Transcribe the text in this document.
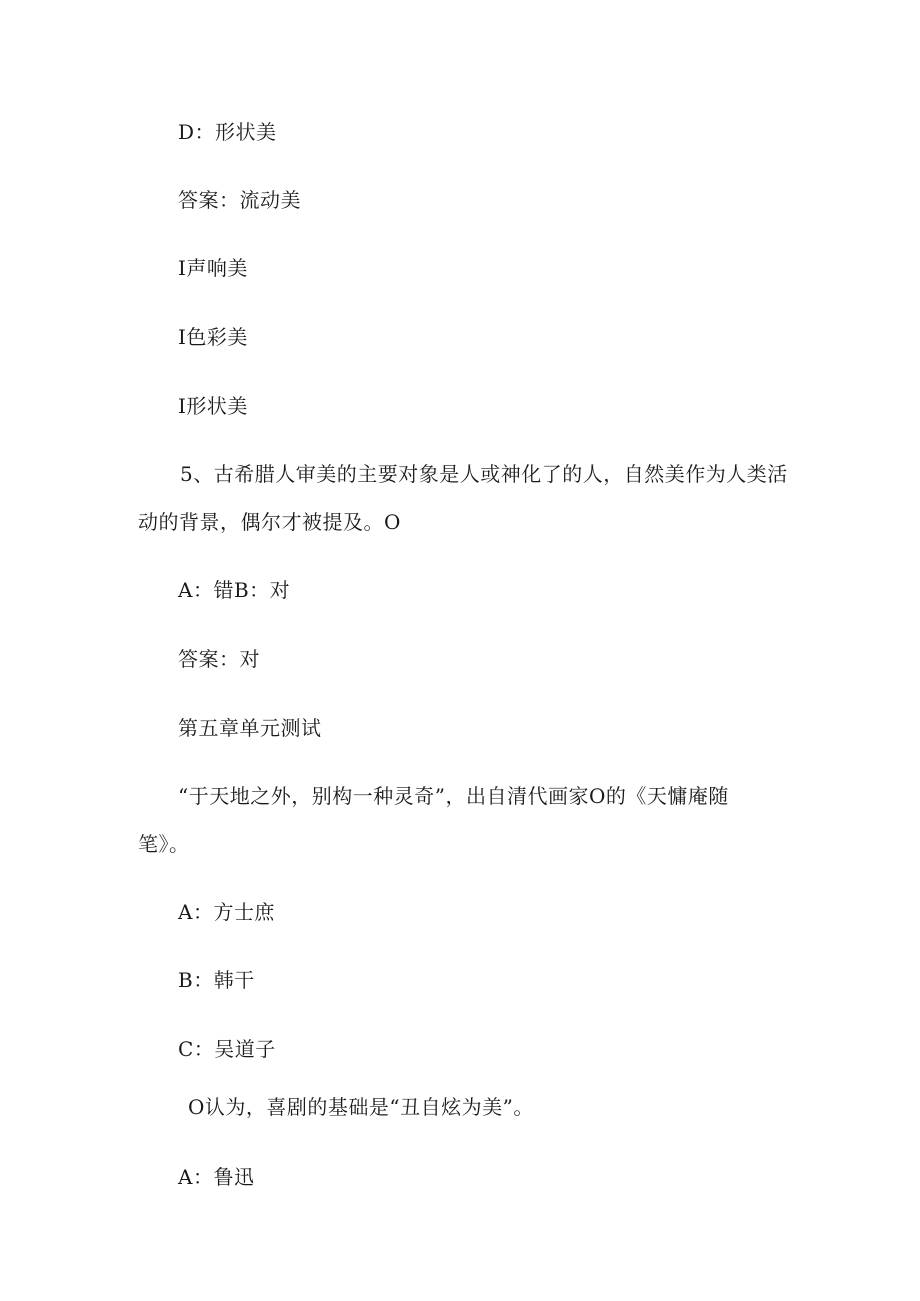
D：形状美
答案：流动美
I声响美
I色彩美
I形状美
5、古希腊人审美的主要对象是人或神化了的人，自然美作为人类活
动的背景，偶尔才被提及。O
A：错B：对
答案：对
第五章单元测试
“于天地之外，别构一种灵奇”，出自清代画家O的《天慵庵随
笔》。
A：方士庶
B：韩干
C：吴道子
O认为，喜剧的基础是“丑自炫为美”。
A：鲁迅
